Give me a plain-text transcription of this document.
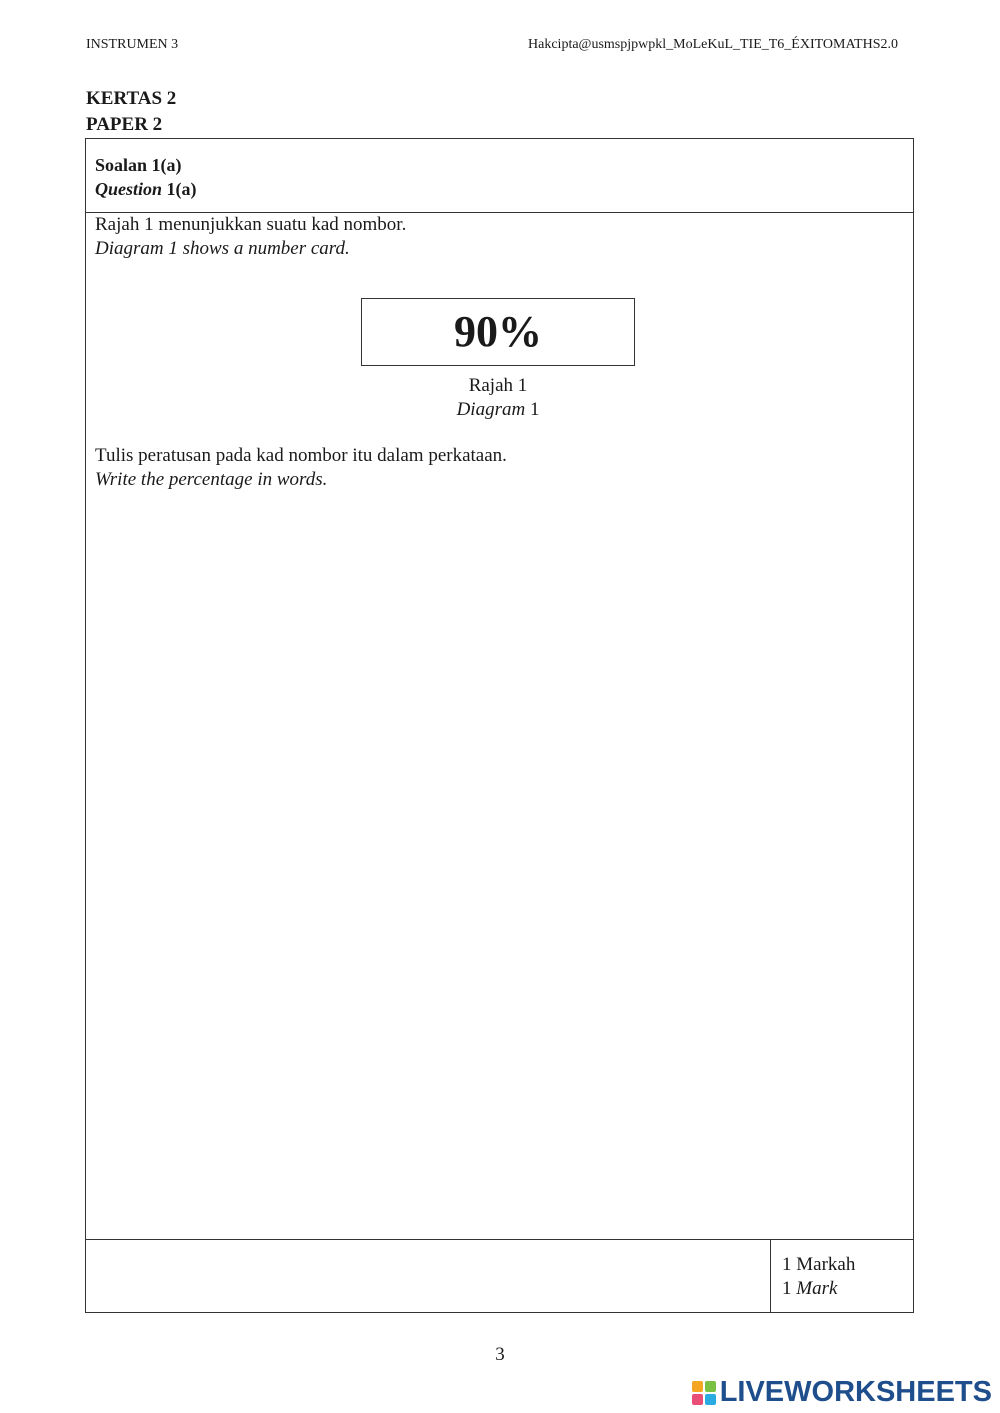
INSTRUMEN 3	Hakcipta@usmspjpwpkl_MoLeKuL_TIE_T6_ÉXITOMATHS2.0
KERTAS 2
PAPER 2
Soalan 1(a)
Question 1(a)
Rajah 1 menunjukkan suatu kad nombor.
Diagram 1 shows a number card.
90%
Rajah 1
Diagram 1
Tulis peratusan pada kad nombor itu dalam perkataan.
Write the percentage in words.
1 Markah
1 Mark
3
LIVEWORKSHEETS
